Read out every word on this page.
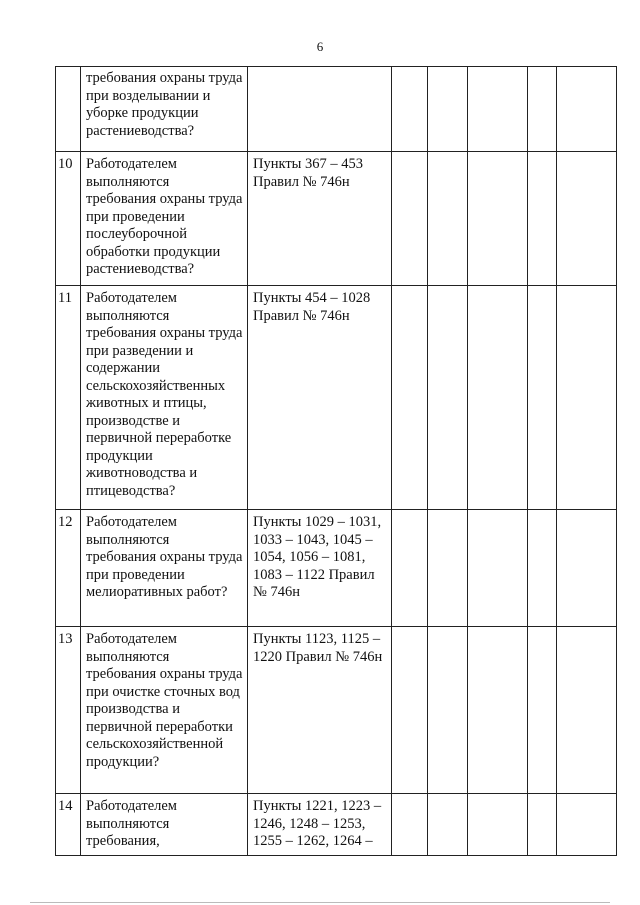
6
	требования охраны труда при возделывании и уборке продукции растениеводства?						
10	Работодателем выполняются требования охраны труда при проведении послеуборочной обработки продукции растениеводства?	Пункты 367 – 453 Правил № 746н					
11	Работодателем выполняются требования охраны труда при разведении и содержании сельскохозяйственных животных и птицы, производстве и первичной переработке продукции животноводства и птицеводства?	Пункты 454 – 1028 Правил № 746н					
12	Работодателем выполняются требования охраны труда при проведении мелиоративных работ?	Пункты 1029 – 1031, 1033 – 1043, 1045 – 1054, 1056 – 1081, 1083 – 1122 Правил № 746н					
13	Работодателем выполняются требования охраны труда при очистке сточных вод производства и первичной переработки сельскохозяйственной продукции?	Пункты 1123, 1125 – 1220 Правил № 746н					
14	Работодателем выполняются требования,	Пункты 1221, 1223 – 1246, 1248 – 1253, 1255 – 1262, 1264 –					
